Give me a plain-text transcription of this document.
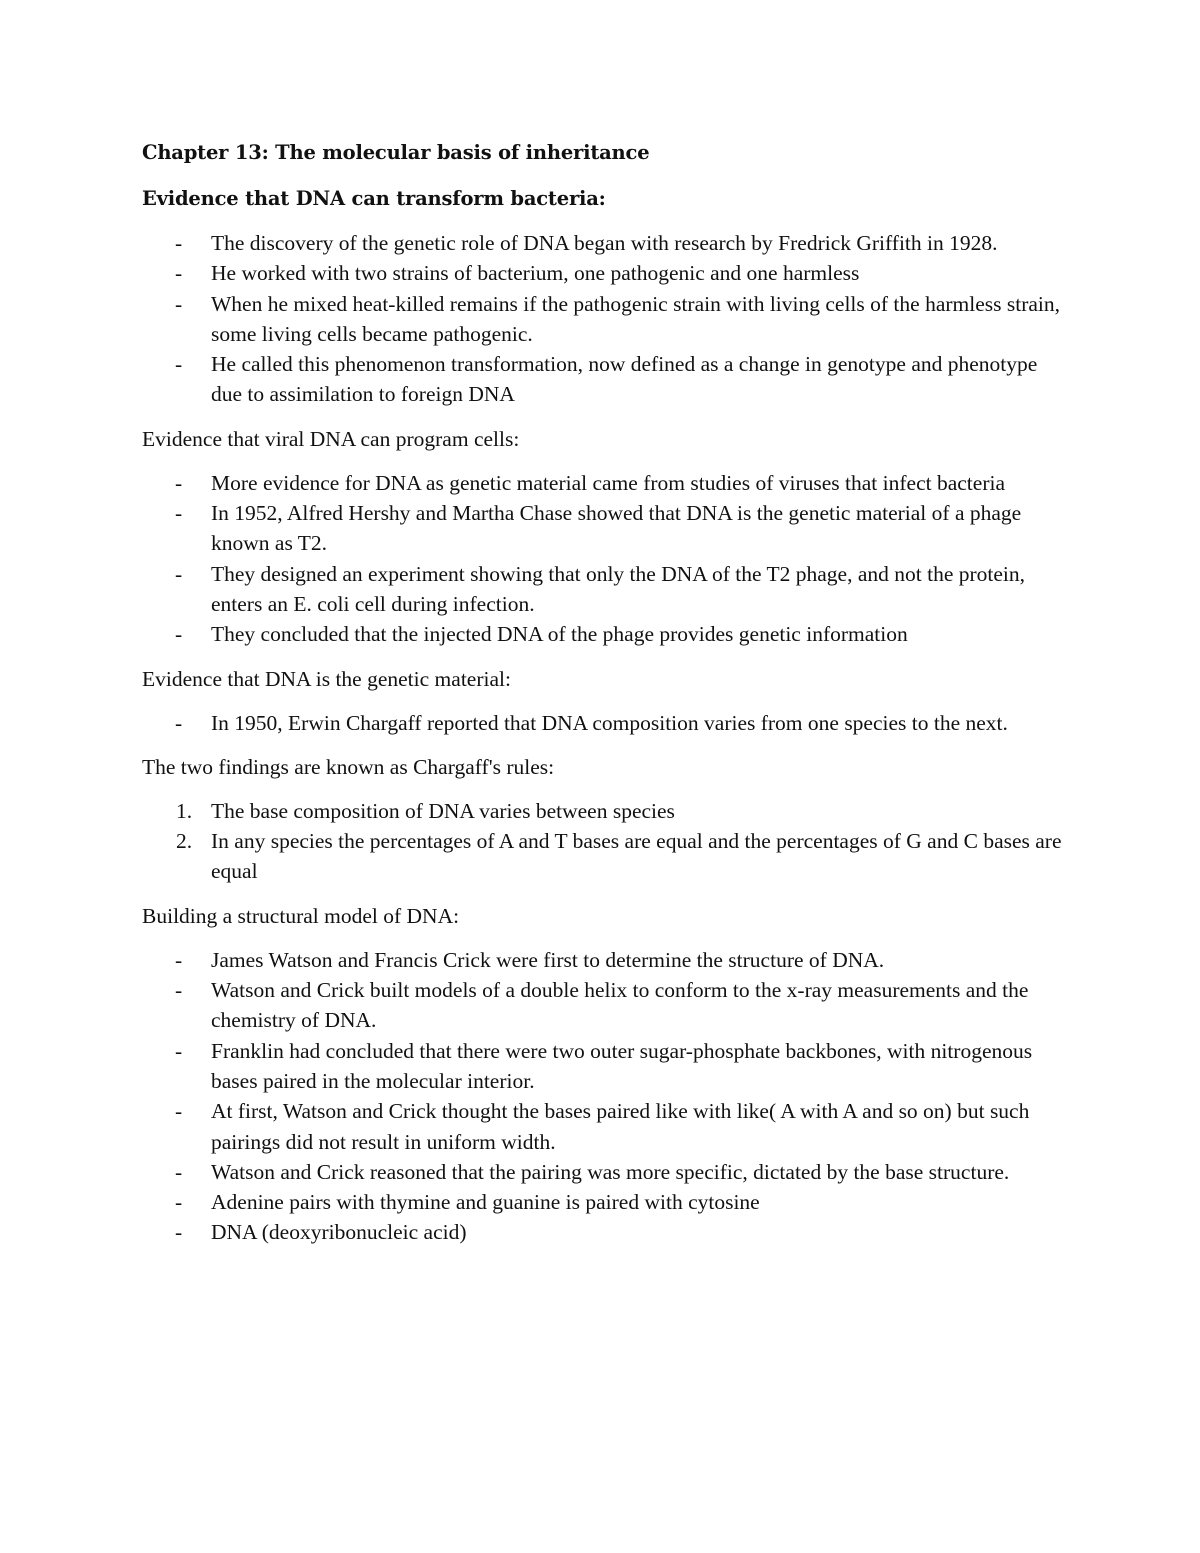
Chapter 13: The molecular basis of inheritance
Evidence that DNA can transform bacteria:
- The discovery of the genetic role of DNA began with research by Fredrick Griffith in 1928.
- He worked with two strains of bacterium, one pathogenic and one harmless
- When he mixed heat-killed remains if the pathogenic strain with living cells of the harmless strain, some living cells became pathogenic.
- He called this phenomenon transformation, now defined as a change in genotype and phenotype due to assimilation to foreign DNA
Evidence that viral DNA can program cells:
- More evidence for DNA as genetic material came from studies of viruses that infect bacteria
- In 1952, Alfred Hershy and Martha Chase showed that DNA is the genetic material of a phage known as T2.
- They designed an experiment showing that only the DNA of the T2 phage, and not the protein, enters an E. coli cell during infection.
- They concluded that the injected DNA of the phage provides genetic information
Evidence that DNA is the genetic material:
- In 1950, Erwin Chargaff reported that DNA composition varies from one species to the next.
The two findings are known as Chargaff's rules:
1. The base composition of DNA varies between species
2. In any species the percentages of A and T bases are equal and the percentages of G and C bases are equal
Building a structural model of DNA:
- James Watson and Francis Crick were first to determine the structure of DNA.
- Watson and Crick built models of a double helix to conform to the x-ray measurements and the chemistry of DNA.
- Franklin had concluded that there were two outer sugar-phosphate backbones, with nitrogenous bases paired in the molecular interior.
- At first, Watson and Crick thought the bases paired like with like( A with A and so on) but such pairings did not result in uniform width.
- Watson and Crick reasoned that the pairing was more specific, dictated by the base structure.
- Adenine pairs with thymine and guanine is paired with cytosine
- DNA (deoxyribonucleic acid)
